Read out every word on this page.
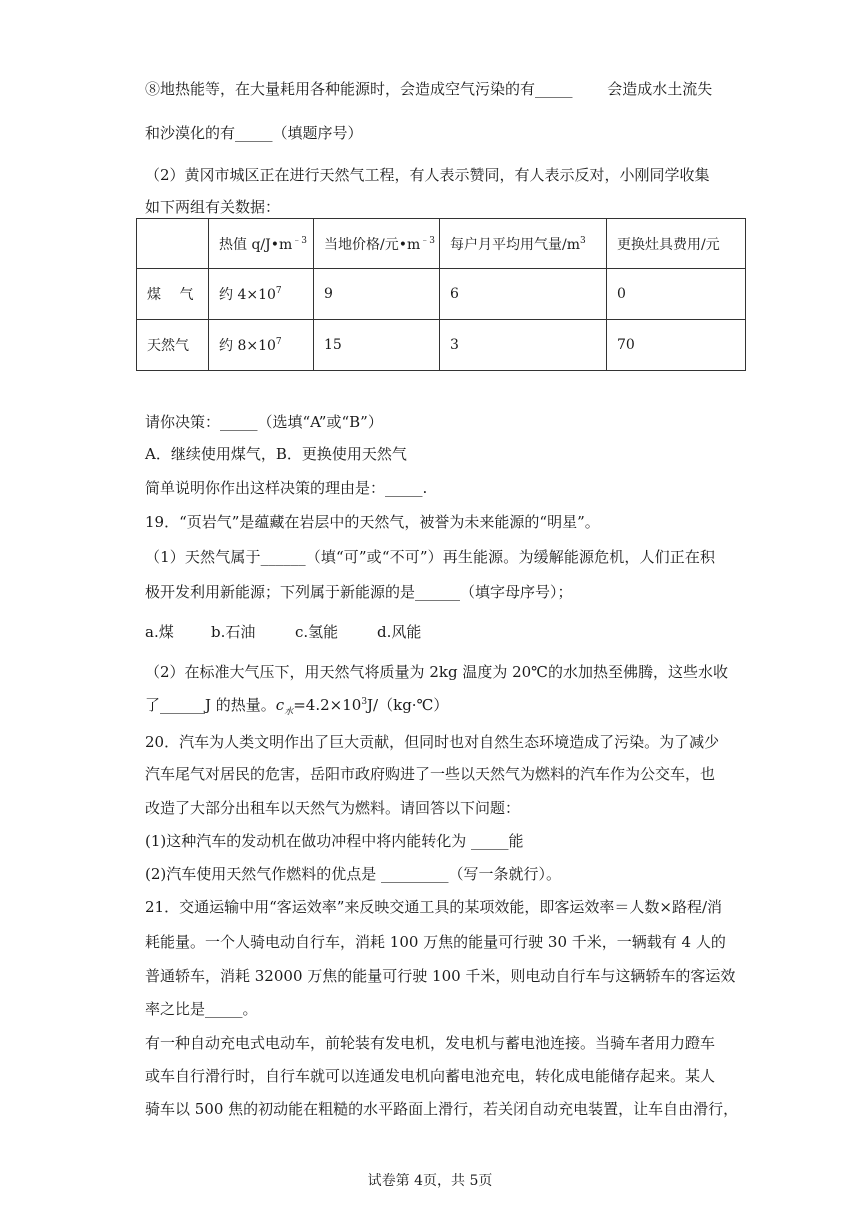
⑧地热能等，在大量耗用各种能源时，会造成空气污染的有_____ 会造成水土流失
和沙漠化的有_____（填题序号）
（2）黄冈市城区正在进行天然气工程，有人表示赞同，有人表示反对，小刚同学收集
如下两组有关数据：
	热值 $q/J•m^{﹣3}$	当地价格/元$•m^{﹣3}$	每户月平均用气量$/m^3$	更换灶具费用/元
煤　 气	约 $4\times 10^7$	9	6	0
天然气	约 $8\times 10^7$	15	3	70
请你决策：_____（选填“A”或“B”）
A．继续使用煤气，B．更换使用天然气
简单说明你作出这样决策的理由是：_____.
19．“页岩气”是蕴藏在岩层中的天然气，被誉为未来能源的“明星”。
（1）天然气属于______（填“可”或“不可”）再生能源。为缓解能源危机，人们正在积
极开发利用新能源；下列属于新能源的是______（填字母序号）；
a.煤 b.石油	c.氢能	d.风能
（2）在标准大气压下，用天然气将质量为 2kg 温度为 20℃的水加热至佛腾，这些水收
了______J 的热量。$c_水=4.2\times 10^3J/(kg\cdot℃)$
20．汽车为人类文明作出了巨大贡献，但同时也对自然生态环境造成了污染。为了减少
汽车尾气对居民的危害，岳阳市政府购进了一些以天然气为燃料的汽车作为公交车，也
改造了大部分出租车以天然气为燃料。请回答以下问题：
(1)这种汽车的发动机在做功冲程中将内能转化为 _____能
(2)汽车使用天然气作燃料的优点是 _________（写一条就行）。
21．交通运输中用“客运效率”来反映交通工具的某项效能，即客运效率＝人数×路程/消
耗能量。一个人骑电动自行车，消耗 100 万焦的能量可行驶 30 千米，一辆载有 4 人的
普通轿车，消耗 32000 万焦的能量可行驶 100 千米，则电动自行车与这辆轿车的客运效
率之比是_____。
有一种自动充电式电动车，前轮装有发电机，发电机与蓄电池连接。当骑车者用力蹬车
或车自行滑行时，自行车就可以连通发电机向蓄电池充电，转化成电能储存起来。某人
骑车以 500 焦的初动能在粗糙的水平路面上滑行，若关闭自动充电装置，让车自由滑行，
试卷第 4页，共 5页
